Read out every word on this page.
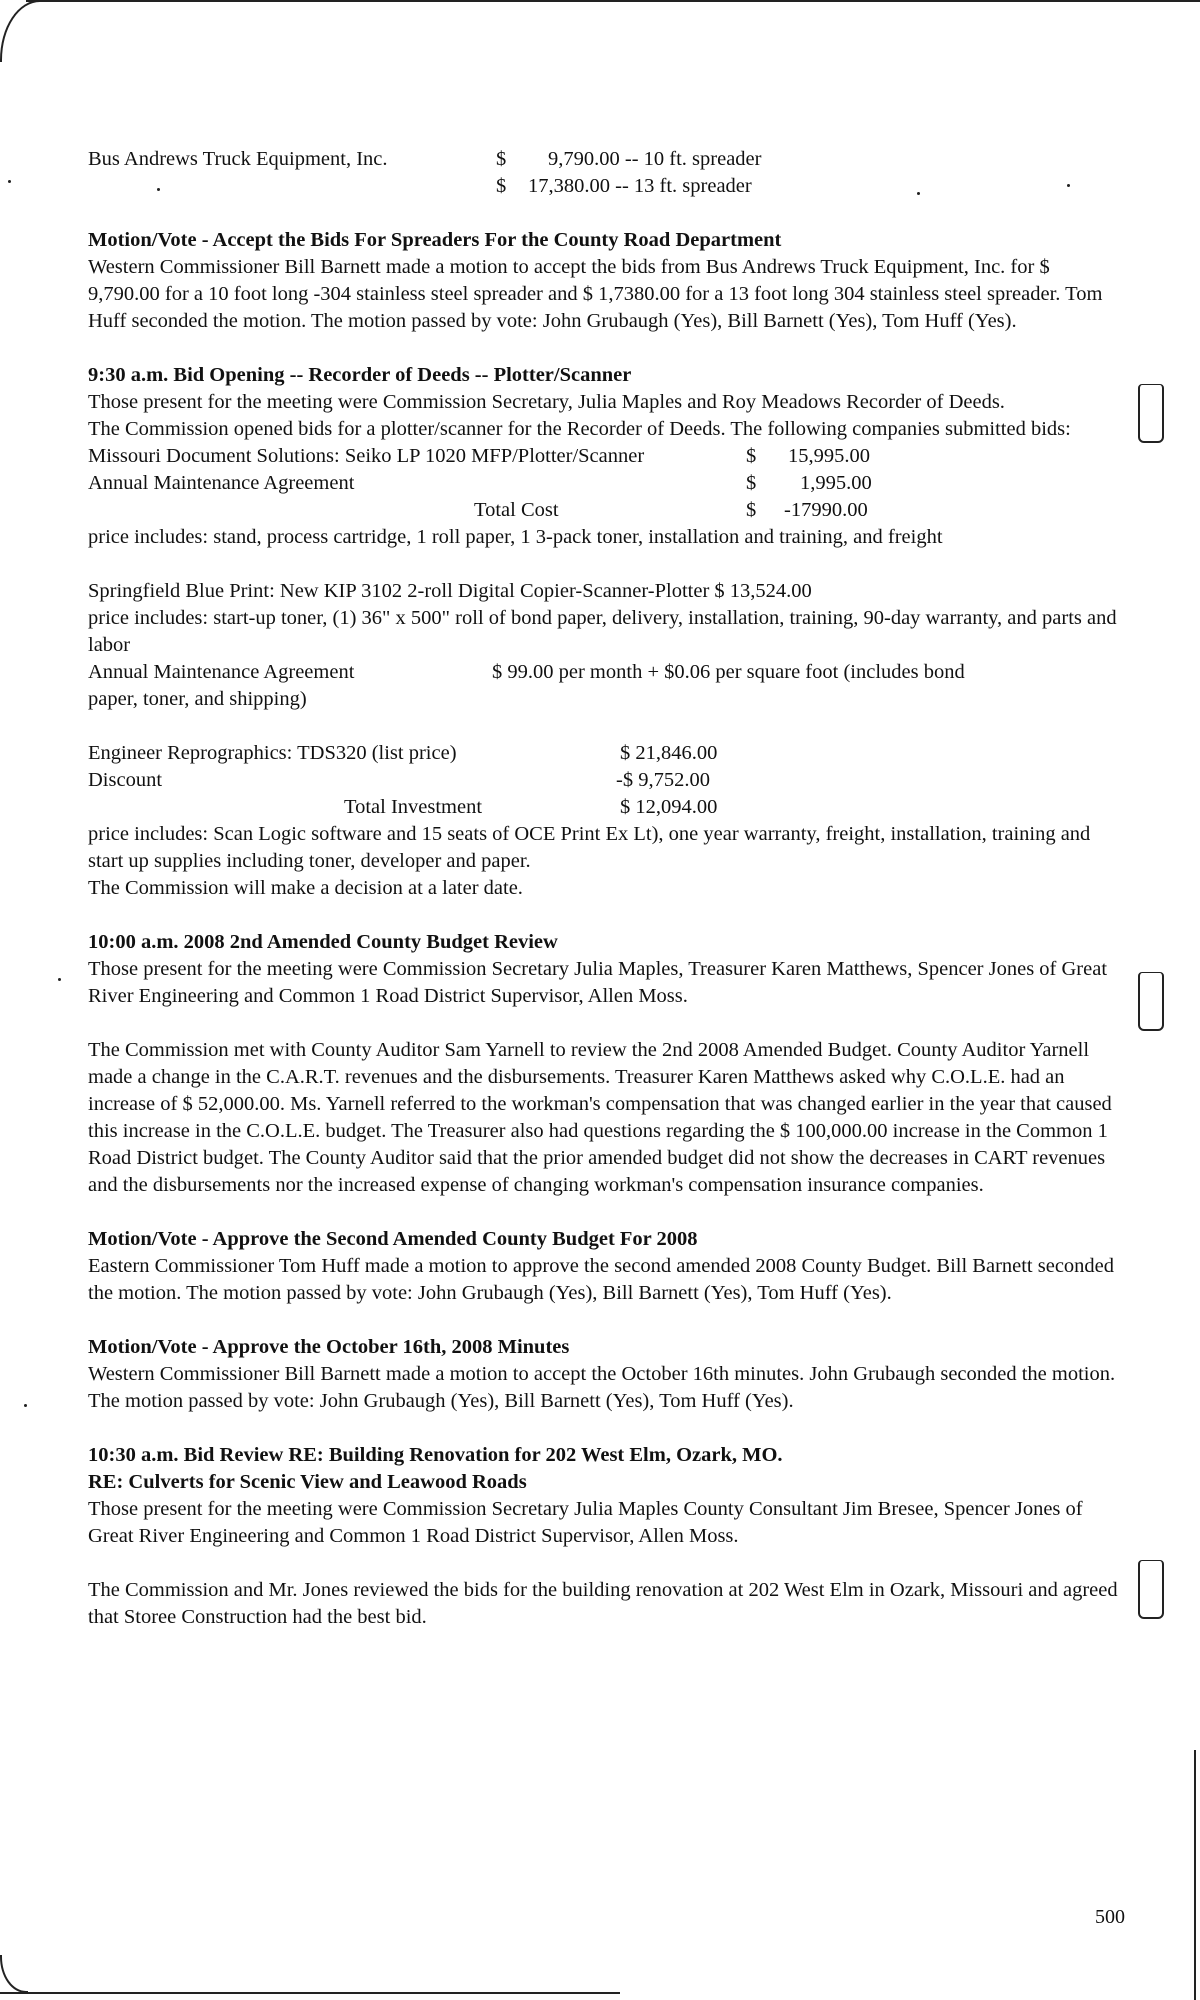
Bus Andrews Truck Equipment, Inc.	$ 9,790.00 -- 10 ft. spreader
$ 17,380.00 -- 13 ft. spreader
Motion/Vote - Accept the Bids For Spreaders For the County Road Department
Western Commissioner Bill Barnett made a motion to accept the bids from Bus Andrews Truck Equipment, Inc. for $ 9,790.00 for a 10 foot long -304 stainless steel spreader and $ 1,7380.00 for a 13 foot long 304 stainless steel spreader. Tom Huff seconded the motion. The motion passed by vote: John Grubaugh (Yes), Bill Barnett (Yes), Tom Huff (Yes).
9:30 a.m. Bid Opening -- Recorder of Deeds -- Plotter/Scanner
Those present for the meeting were Commission Secretary, Julia Maples and Roy Meadows Recorder of Deeds.
The Commission opened bids for a plotter/scanner for the Recorder of Deeds. The following companies submitted bids:
Missouri Document Solutions: Seiko LP 1020 MFP/Plotter/Scanner	$ 15,995.00
Annual Maintenance Agreement	$ 1,995.00
Total Cost	$ -17990.00
price includes: stand, process cartridge, 1 roll paper, 1 3-pack toner, installation and training, and freight
Springfield Blue Print: New KIP 3102 2-roll Digital Copier-Scanner-Plotter $ 13,524.00
price includes: start-up toner, (1) 36" x 500" roll of bond paper, delivery, installation, training, 90-day warranty, and parts and labor
Annual Maintenance Agreement	$ 99.00 per month + $0.06 per square foot (includes bond
paper, toner, and shipping)
Engineer Reprographics: TDS320 (list price)	$ 21,846.00
Discount	-$ 9,752.00
Total Investment	$ 12,094.00
price includes: Scan Logic software and 15 seats of OCE Print Ex Lt), one year warranty, freight, installation, training and start up supplies including toner, developer and paper.
The Commission will make a decision at a later date.
10:00 a.m. 2008 2nd Amended County Budget Review
Those present for the meeting were Commission Secretary Julia Maples, Treasurer Karen Matthews, Spencer Jones of Great River Engineering and Common 1 Road District Supervisor, Allen Moss.
The Commission met with County Auditor Sam Yarnell to review the 2nd 2008 Amended Budget. County Auditor Yarnell made a change in the C.A.R.T. revenues and the disbursements. Treasurer Karen Matthews asked why C.O.L.E. had an increase of $ 52,000.00. Ms. Yarnell referred to the workman's compensation that was changed earlier in the year that caused this increase in the C.O.L.E. budget. The Treasurer also had questions regarding the $ 100,000.00 increase in the Common 1 Road District budget. The County Auditor said that the prior amended budget did not show the decreases in CART revenues and the disbursements nor the increased expense of changing workman's compensation insurance companies.
Motion/Vote - Approve the Second Amended County Budget For 2008
Eastern Commissioner Tom Huff made a motion to approve the second amended 2008 County Budget. Bill Barnett seconded the motion. The motion passed by vote: John Grubaugh (Yes), Bill Barnett (Yes), Tom Huff (Yes).
Motion/Vote - Approve the October 16th, 2008 Minutes
Western Commissioner Bill Barnett made a motion to accept the October 16th minutes. John Grubaugh seconded the motion. The motion passed by vote: John Grubaugh (Yes), Bill Barnett (Yes), Tom Huff (Yes).
10:30 a.m. Bid Review RE: Building Renovation for 202 West Elm, Ozark, MO.
RE: Culverts for Scenic View and Leawood Roads
Those present for the meeting were Commission Secretary Julia Maples County Consultant Jim Bresee, Spencer Jones of Great River Engineering and Common 1 Road District Supervisor, Allen Moss.
The Commission and Mr. Jones reviewed the bids for the building renovation at 202 West Elm in Ozark, Missouri and agreed that Storee Construction had the best bid.
500
